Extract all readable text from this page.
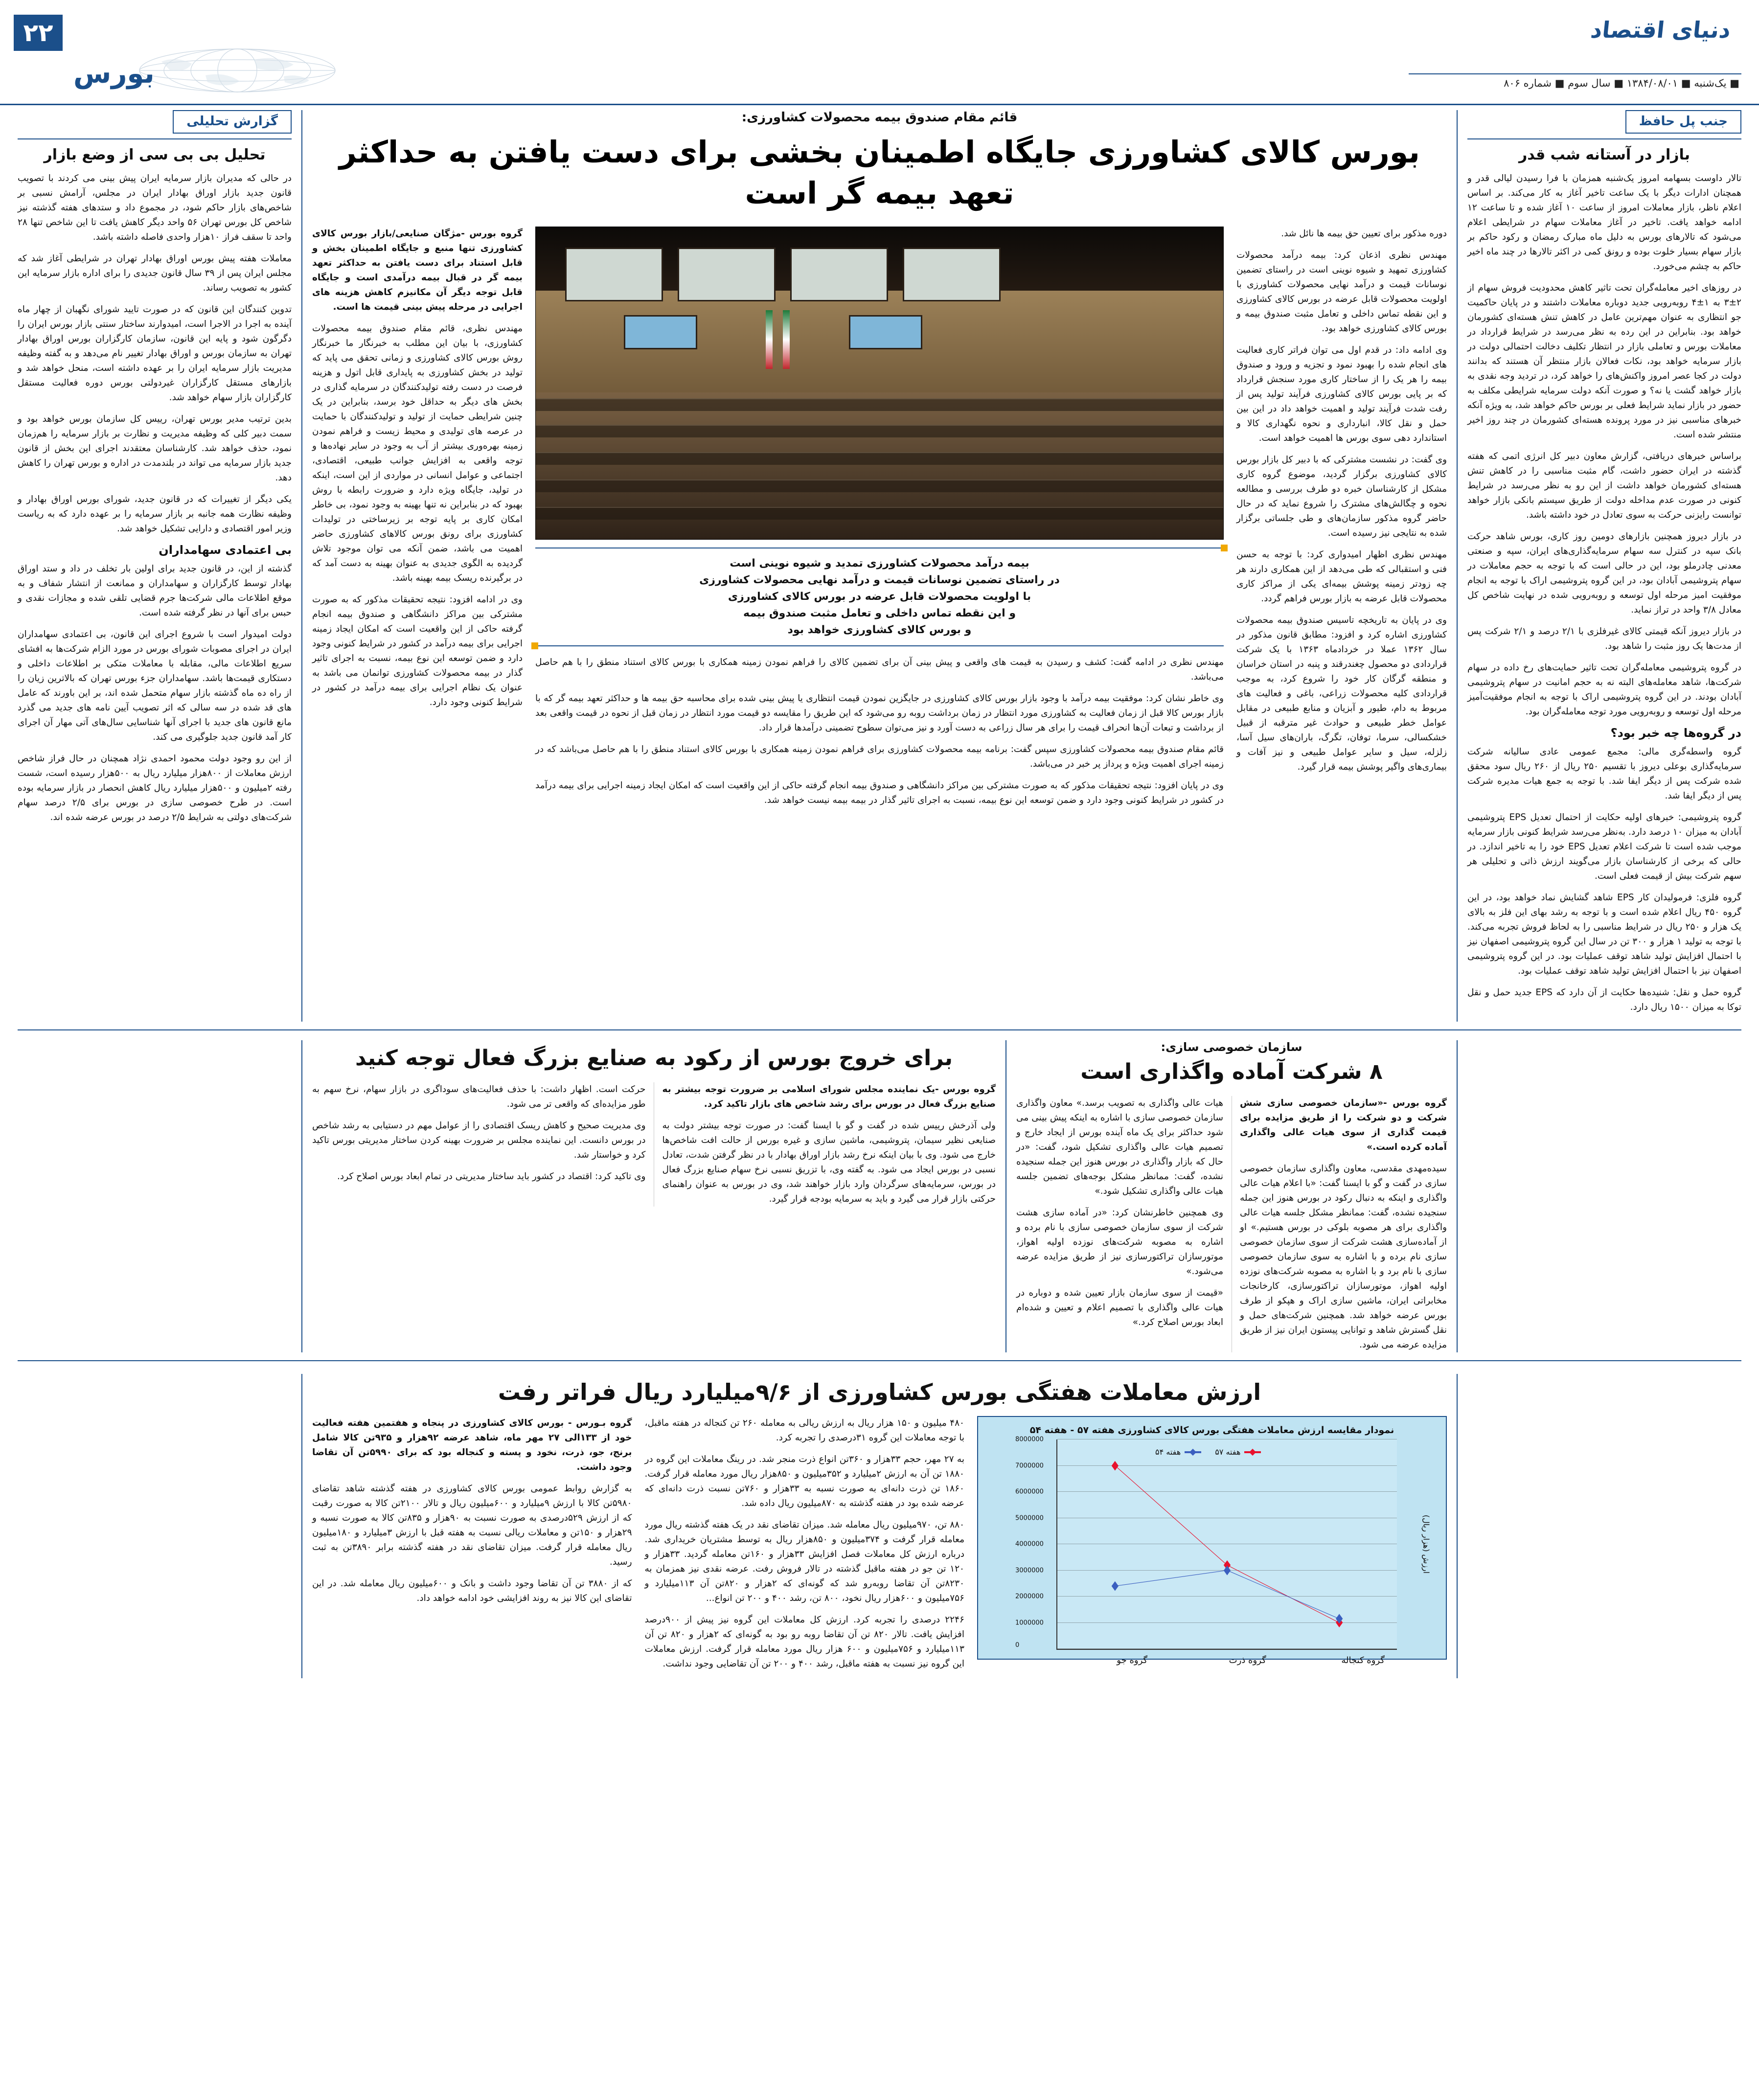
دنیای اقتصاد
■ یک‌شنبه ■ ۱۳۸۴/۰۸/۰۱ ■ سال سوم ■ شماره ۸۰۶
بورس
۲۲
جنب پل حافظ
بازار در آستانه شب قدر

تالار داوست بسهامه امروز یک‌شنبه همزمان با فرا رسیدن لیالی قدر و همچنان ادارات دیگر با یک ساعت تاخیر آغاز به کار می‌کند. بر اساس اعلام ناظر، بازار معاملات امروز از ساعت ۱۰ آغاز شده و تا ساعت ۱۲ ادامه خواهد یافت. تاخیر در آغاز معاملات سهام در شرایطی اعلام می‌شود که تالارهای بورس به دلیل ماه مبارک رمضان و رکود حاکم بر بازار سهام بسیار خلوت بوده و رونق کمی در اکثر تالارها در چند ماه اخیر حاکم به چشم می‌خورد.

در روزهای اخیر معامله‌گران تحت تاثیر کاهش محدودیت فروش سهام از ۲±۳ به ۱±۴ روبه‌رویی جدید دوباره معاملات داشتند و در پایان حاکمیت جو انتظاری به عنوان مهم‌ترین عامل در کاهش تنش هسته‌ای کشورمان خواهد بود. بنابراین در این رده به نظر می‌رسد در شرایط قرارداد در معاملات بورس و تعاملی بازار در انتظار تکلیف دخالت احتمالی دولت در بازار سرمایه خواهد بود، نکات فعالان بازار منتظر آن هستند که بدانند دولت در کجا عصر امروز واکنش‌های را خواهد کرد، در تردید وجه نقدی به بازار خواهد گشت یا نه؟ و صورت آنکه دولت سرمایه شرایطی مکلف به حضور در بازار نماید شرایط فعلی بر بورس حاکم خواهد شد، به ویژه آنکه خبرهای مناسبی نیز در مورد پرونده هسته‌ای کشورمان در چند روز اخیر منتشر شده است.

براساس خبرهای دریافتی، گزارش معاون دبیر کل انرژی اتمی که هفته گذشته در ایران حضور داشت، گام مثبت مناسبی را در کاهش تنش هسته‌ای کشورمان خواهد داشت از این رو به نظر می‌رسد در شرایط کنونی در صورت عدم مداخله دولت از طریق سیستم بانکی بازار خواهد توانست رایزنی حرکت به سوی تعادل در خود داشته باشد.

در بازار دیروز همچنین بازارهای دومین روز کاری، بورس شاهد حرکت بانک سپه در کنترل سه سهام سرمایه‌گذاری‌های ایران، سپه و صنعتی معدنی چادرملو بود، این در حالی است که با توجه به حجم معاملات در سهام پتروشیمی آبادان بود، در این گروه پتروشیمی اراک با توجه به انجام موفقیت امیز مرحله اول توسعه و روبه‌رویی شده در نهایت شاخص کل معادل ۳/۸ واحد در تراز نماید.

در بازار دیروز آنکه قیمتی کالای غیرفلزی با ۲/۱ درصد و ۲/۱ شرکت پس از مدت‌ها یک روز مثبت را شاهد بود.

در گروه پتروشیمی معامله‌گران تحت تاثیر حمایت‌های رخ داده در سهام شرکت‌ها، شاهد معامله‌های البته نه به حجم امانیت در سهام پتروشیمی آبادان بودند. در این گروه پتروشیمی اراک با توجه به انجام موفقیت‌آمیز مرحله اول توسعه و روبه‌رویی مورد توجه معامله‌گران بود.

در گروه‌ها چه خبر بود؟

گروه واسطه‌گری مالی: مجمع عمومی عادی سالیانه شرکت سرمایه‌گذاری بوعلی دیروز با تقسیم ۲۵۰ ریال از ۲۶۰ ریال سود محقق شده شرکت پس از دیگر ایفا شد. با توجه به جمع هیات مدیره شرکت پس از دیگر ایفا شد.

گروه پتروشیمی: خبرهای اولیه حکایت از احتمال تعدیل EPS پتروشیمی آبادان به میزان ۱۰ درصد دارد. به‌نظر می‌رسد شرایط کنونی بازار سرمایه موجب شده است تا شرکت اعلام تعدیل EPS خود را به تاخیر اندازد. در حالی که برخی از کارشناسان بازار می‌گویند ارزش ذاتی و تحلیلی هر سهم شرکت بیش از قیمت فعلی است.

گروه فلزی: فرمولیدان کار EPS شاهد گشایش نماد خواهد بود، در این گروه ۴۵۰ ریال اعلام شده است و با توجه به رشد بهای این فلز به بالای یک هزار و ۲۵۰ ریال در شرایط مناسبی را به لحاظ فروش تجربه می‌کند. با توجه به تولید ۱ هزار و ۳۰۰ تن در سال این گروه پتروشیمی اصفهان نیز با احتمال افزایش تولید شاهد توقف عملیات بود. در این گروه پتروشیمی اصفهان نیز با احتمال افزایش تولید شاهد توقف عملیات بود.

گروه حمل و نقل: شنیده‌ها حکایت از آن دارد که EPS جدید حمل و نقل توکا به میزان ۱۵۰۰ ریال دارد.

قائم مقام صندوق بیمه محصولات کشاورزی:
بورس کالای کشاورزی جایگاه اطمینان بخشی برای دست یافتن به حداکثر تعهد بیمه گر است

دوره مذکور برای تعیین حق بیمه ها نائل شد.

مهندس نظری اذعان کرد: بیمه درآمد محصولات کشاورزی تمهید و شیوه نوینی است در راستای تضمین نوسانات قیمت و درآمد نهایی محصولات کشاورزی با اولویت محصولات قابل عرضه در بورس کالای کشاورزی و این نقطه تماس داخلی و تعامل مثبت صندوق بیمه و بورس کالای کشاورزی خواهد بود.

وی ادامه داد: در قدم اول می توان فراتر کاری فعالیت های انجام شده را بهبود نمود و تجزیه و ورود و صندوق بیمه را هر یک را از ساختار کاری مورد سنجش قرارداد که بر پایی بورس کالای کشاورزی فرآیند تولید پس از رفت شدت فرآیند تولید و اهمیت خواهد داد در این بین حمل و نقل کالا، انبارداری و نحوه نگهداری کالا و استاندارد دهی سوی بورس ها اهمیت خواهد است.

وی گفت: در نشست مشترکی که با دبیر کل بازار بورس کالای کشاورزی برگزار گردید، موضوع گروه کاری مشکل از کارشناسان خبره دو طرف بررسی و مطالعه نحوه و چگالش‌های مشترک را شروع نماید که در حال حاضر گروه مذکور سازمان‌های و طی جلساتی برگزار شده به نتایجی نیز رسیده است.

مهندس نظری اظهار امیدواری کرد: با توجه به حسن فنی و استقبالی که طی می‌دهد از این همکاری دارند هر چه زودتر زمینه پوشش بیمه‌ای یکی از مراکز کاری محصولات قابل عرضه به بازار بورس فراهم گردد.

وی در پایان به تاریخچه تاسیس صندوق بیمه محصولات کشاورزی اشاره کرد و افزود: مطابق قانون مذکور در سال ۱۳۶۲ عملا در خردادماه ۱۳۶۳ با یک شرکت قراردادی دو محصول چغندرقند و پنبه در استان خراسان و منطقه گرگان کار خود را شروع کرد، به موجب قراردادی کلیه محصولات زراعی، باغی و فعالیت های مربوط به دام، طیور و آبزیان و منابع طبیعی در مقابل عوامل خطر طبیعی و حوادث غیر مترقبه از قبیل خشکسالی، سرما، توفان، تگرگ، باران‌های سیل آسا، زلزله، سیل و سایر عوامل طبیعی و نیز آفات و بیماری‌های واگیر پوشش بیمه قرار گیرد.

بیمه درآمد محصولات کشاورزی تمدید و شیوه نوینی است
در راستای تضمین نوسانات قیمت و درآمد نهایی محصولات کشاورزی
با اولویت محصولات قابل عرضه در بورس کالای کشاورزی
و این نقطه تماس داخلی و تعامل مثبت صندوق بیمه
و بورس کالای کشاورزی خواهد بود

مهندس نظری در ادامه گفت: کشف و رسیدن به قیمت های واقعی و پیش بینی آن برای تضمین کالای را فراهم نمودن زمینه همکاری با بورس کالای استناد منطق را با هم حاصل می‌باشد.

وی خاطر نشان کرد: موفقیت بیمه درآمد با وجود بازار بورس کالای کشاورزی در جایگزین نمودن قیمت انتظاری یا پیش بینی شده برای محاسبه حق بیمه ها و حداکثر تعهد بیمه گر که با بازار بورس کالا قبل از زمان فعالیت به کشاورزی مورد انتظار در زمان برداشت روبه رو می‌شود که این طریق را مقایسه دو قیمت مورد انتظار در زمان قبل از نحوه در قیمت واقعی بعد از برداشت و تبعات آن‌ها انحراف قیمت را برای هر سال زراعی به دست آورد و نیز می‌توان سطوح تضمینی درآمدها قرار داد.

قائم مقام صندوق بیمه محصولات کشاورزی سپس گفت: برنامه بیمه محصولات کشاورزی برای فراهم نمودن زمینه همکاری با بورس کالای استناد منطق را با هم حاصل می‌باشد که در زمینه اجرای اهمیت ویژه و پرداز پر خبر در می‌باشد.

وی در پایان افزود: نتیجه تحقیقات مذکور که به صورت مشترکی بین مراکز دانشگاهی و صندوق بیمه انجام گرفته حاکی از این واقعیت است که امکان ایجاد زمینه اجرایی برای بیمه درآمد در کشور در شرایط کنونی وجود دارد و ضمن توسعه این نوع بیمه، نسبت به اجرای تاثیر گذار در بیمه بیمه نیست خواهد شد.

گروه بورس -مژگان صنایعی/بازار بورس کالای کشاورزی تنها منبع و جایگاه اطمینان بخش و قابل استناد برای دست یافتن به حداکثر تعهد بیمه گر در قبال بیمه درآمدی است و جایگاه قابل توجه دیگر آن مکانیزم کاهش هزینه های اجرایی در مرحله پیش بینی قیمت ها است.

مهندس نظری، قائم مقام صندوق بیمه محصولات کشاورزی، با بیان این مطلب به خبرنگار ما خبرنگار روش بورس کالای کشاورزی و زمانی تحقق می پاید که تولید در بخش کشاورزی به پایداری قابل اتول و هزینه فرصت در دست رفته تولیدکنندگان در سرمایه گذاری در بخش های دیگر به حداقل خود برسد، بنابراین در یک چنین شرایطی حمایت از تولید و تولیدکنندگان با حمایت در عرصه های تولیدی و محیط زیست و فراهم نمودن زمینه بهره‌وری بیشتر از آب به وجود در سایر نهاده‌ها و توجه واقعی به افزایش جوانب طبیعی، اقتصادی، اجتماعی و عوامل انسانی در مواردی از این است، اینکه در تولید، جایگاه ویژه دارد و ضرورت رابطه با روش بهبود که در بنابراین نه تنها بهینه به وجود نمود، بی خاطر امکان کاری بر پایه توجه بر زیرساختی در تولیدات کشاورزی برای رونق بورس کالاهای کشاورزی حاضر اهمیت می باشد، ضمن آنکه می توان موجود تلاش گردیده به الگوی جدیدی به عنوان بهینه به دست آمد که در برگیرنده ریسک بیمه بهینه باشد.

وی در ادامه افزود: نتیجه تحقیقات مذکور که به صورت مشترکی بین مراکز دانشگاهی و صندوق بیمه انجام گرفته حاکی از این واقعیت است که امکان ایجاد زمینه اجرایی برای بیمه درآمد در کشور در شرایط کنونی وجود دارد و ضمن توسعه این نوع بیمه، نسبت به اجرای تاثیر گذار در بیمه محصولات کشاورزی توانمان می باشد به عنوان یک نظام اجرایی برای بیمه درآمد در کشور در شرایط کنونی وجود دارد.

گزارش تحلیلی
تحلیل بی بی سی از وضع بازار

در حالی که مدیران بازار سرمایه ایران پیش بینی می کردند با تصویب قانون جدید بازار اوراق بهادار ایران در مجلس، آرامش نسبی بر شاخص‌های بازار حاکم شود، در مجموع داد و ستدهای هفته گذشته نیز شاخص کل بورس تهران ۵۶ واحد دیگر کاهش یافت تا این شاخص تنها ۲۸ واحد تا سقف فراز ۱۰هزار واحدی فاصله داشته باشد.

معاملات هفته پیش بورس اوراق بهادار تهران در شرایطی آغاز شد که مجلس ایران پس از ۳۹ سال قانون جدیدی را برای اداره بازار سرمایه این کشور به تصویب رساند.

تدوین کنندگان این قانون که در صورت تایید شورای نگهبان از چهار ماه آینده به اجرا در الاجرا است، امیدوارند ساختار سنتی بازار بورس ایران را دگرگون شود و پایه این قانون، سازمان کارگزاران بورس اوراق بهادار تهران به سازمان بورس و اوراق بهادار تغییر نام می‌دهد و به گفته وظیفه مدیریت بازار سرمایه ایران را بر عهده داشته است، منحل خواهد شد و بازارهای مستقل کارگزاران غیردولتی بورس دوره فعالیت مستقل کارگزاران بازار سهام خواهد شد.

بدین ترتیب مدیر بورس تهران، رییس کل سازمان بورس خواهد بود و سمت دبیر کلی که وظیفه مدیریت و نظارت بر بازار سرمایه را هم‌زمان نمود، حذف خواهد شد. کارشناسان معتقدند اجرای این بخش از قانون جدید بازار سرمایه می تواند در بلندمدت در اداره و بورس تهران را کاهش دهد.

یکی دیگر از تغییرات که در قانون جدید، شورای بورس اوراق بهادار و وظیفه نظارت همه جانبه بر بازار سرمایه را بر عهده دارد که به ریاست وزیر امور اقتصادی و دارایی تشکیل خواهد شد.

بی اعتمادی سهامداران

گذشته از این، در قانون جدید برای اولین بار تخلف در داد و ستد اوراق بهادار توسط کارگزاران و سهامداران و ممانعت از انتشار شفاف و به موقع اطلاعات مالی شرکت‌ها جرم قضایی تلقی شده و مجازات نقدی و حبس برای آنها در نظر گرفته شده است.

دولت امیدوار است با شروع اجرای این قانون، بی اعتمادی سهامداران ایران در اجرای مصوبات شورای بورس در مورد الزام شرکت‌ها به افشای سریع اطلاعات مالی، مقابله با معاملات متکی بر اطلاعات داخلی و دستکاری قیمت‌ها باشد. سهامداران جزء بورس تهران که بالاترین زیان را از راه ده ماه گذشته بازار سهام متحمل شده اند، بر این باورند که عامل های قد شده در سه سالی که اثر تصویب آیین نامه های جدید می گذرد مانع قانون های جدید با اجرای آنها شناسایی سال‌های آتی مهار آن اجرای کار آمد قانون جدید جلوگیری می کند.

از این رو وجود دولت محمود احمدی نژاد همچنان در حال فراز شاخص ارزش معاملات از ۸۰۰هزار میلیارد ریال به ۵۰۰هزار رسیده است، شست رفته ۲میلیون و ۵۰۰هزار میلیارد ریال کاهش انحصار در بازار سرمایه بوده است. در طرح خصوصی سازی در بورس برای ۲/۵ درصد سهام شرکت‌های دولتی به شرایط ۲/۵ درصد در بورس عرضه شده اند.

سازمان خصوصی سازی:
۸ شرکت آماده واگذاری است

گروه بورس -«سازمان خصوصی سازی شش شرکت و دو شرکت را از طریق مزایده برای قیمت گذاری از سوی هیات عالی واگذاری آماده کرده است.»

سیده‌مهدی مقدسی، معاون واگذاری سازمان خصوصی سازی در گفت و گو با ایسنا گفت: «با اعلام هیات عالی واگذاری و اینکه به دنبال رکود در بورس هنوز این جمله سنجیده نشده، گفت: ممانظر مشکل جلسه هیات عالی واگذاری برای هر مصوبه بلوکی در بورس هستیم.» او از آماده‌سازی هشت شرکت از سوی سازمان خصوصی سازی نام برده و با اشاره به سوی سازمان خصوصی سازی با نام برد و با اشاره به مصوبه شرکت‌های نوزده اولیه اهواز، موتورسازان تراکتورسازی، کارخانجات مخابراتی ایران، ماشین سازی اراک و هپکو از طرف بورس عرضه خواهد شد. همچنین شرکت‌های حمل و نقل گسترش شاهد و توانایی پیستون ایران نیز از طریق مزایده عرضه می شود.

هیات عالی واگذاری به تصویب برسد.» معاون واگذاری سازمان خصوصی سازی با اشاره به اینکه پیش بینی می شود حداکثر برای یک ماه آینده بورس از ایجاد خارج و تصمیم هیات عالی واگذاری تشکیل شود، گفت: «در حال که بازار واگذاری در بورس هنوز این جمله سنجیده نشده، گفت: ممانظر مشکل بوجه‌های تضمین جلسه هیات عالی واگذاری تشکیل شود.»

وی همچنین خاطرنشان کرد: «در آماده سازی هشت شرکت از سوی سازمان خصوصی سازی با نام برده و اشاره به مصوبه شرکت‌های نوزده اولیه اهواز، موتورسازان تراکتورسازی نیز از طریق مزایده عرضه می‌شود.»

«قیمت از سوی سازمان بازار تعیین شده و دوباره در هیات عالی واگذاری با تصمیم اعلام و تعیین و شده‌ام ابعاد بورس اصلاح کرد.»

برای خروج بورس از رکود به صنایع بزرگ فعال توجه کنید

گروه بورس -یک نماینده مجلس شورای اسلامی بر ضرورت توجه بیشتر به صنایع بزرگ فعال در بورس برای رشد شاخص های بازار تاکید کرد.

ولی آذرخش رییس شده در گفت و گو با ایسنا گفت: در صورت توجه بیشتر دولت به صنایعی نظیر سیمان، پتروشیمی، ماشین سازی و غیره بورس از حالت افت شاخص‌ها خارج می شود. وی با بیان اینکه نرخ رشد بازار اوراق بهادار با در نظر گرفتن شدت، تعادل نسبی در بورس ایجاد می شود. به گفته وی، با تزریق نسبی نرخ سهام صنایع بزرگ فعال در بورس، سرمایه‌های سرگردان وارد بازار خواهند شد، وی در بورس به عنوان راهنمای حرکتی بازار قرار می گیرد و باید به سرمایه بودجه قرار گیرد.

حرکت است. اظهار داشت: با حذف فعالیت‌های سوداگری در بازار سهام، نرخ سهم به طور مزایده‌ای که واقعی تر می شود.

وی مدیریت صحیح و کاهش ریسک اقتصادی را از عوامل مهم در دستیابی به رشد شاخص در بورس دانست. این نماینده مجلس بر ضرورت بهینه کردن ساختار مدیریتی بورس تاکید کرد و خواستار شد.

وی تاکید کرد: اقتصاد در کشور باید ساختار مدیریتی در تمام ابعاد بورس اصلاح کرد.

ارزش معاملات هفتگی بورس کشاورزی از ۹/۶میلیارد ریال فراتر رفت
نمودار مقایسه ارزش معاملات هفتگی بورس کالای کشاورزی هفته ۵۷ - هفته ۵۴
0
1000000
2000000
3000000
4000000
5000000
6000000
7000000
8000000
هفته ۵۷
هفته ۵۴
گروه کنجاله
گروه ذرت
گروه جو
ارزش (هزار ریال)

۴۸۰ میلیون و ۱۵۰ هزار ریال به ارزش ریالی به معامله ۲۶۰ تن کنجاله در هفته ماقبل، با توجه معاملات این گروه ۳۱درصدی را تجربه کرد.

به ۲۷ مهر، حجم ۳۳هزار و ۳۶۰تن انواع ذرت منجر شد. در رینگ معاملات این گروه در ۱۸۸۰ تن آن به ارزش ۲میلیارد و ۳۵۲میلیون و ۸۵۰هزار ریال مورد معامله قرار گرفت. ۱۸۶۰ تن ذرت دانه‌ای به صورت نسبه به ۳۳هزار و ۷۶۰تن نسبت ذرت دانه‌ای که عرضه شده بود در هفته گذشته به ۸۷۰میلیون ریال داده شد.

۸۸۰ تن، ۹۷۰میلیون ریال معامله شد. میزان تقاضای نقد در یک هفته گذشته ریال مورد معامله قرار گرفت و ۳۷۴میلیون و ۸۵۰هزار ریال به توسط مشتریان خریداری شد. درباره ارزش کل معاملات فصل افزایش ۳۳هزار و ۱۶۰تن معامله گردید. ۳۳هزار و ۱۲۰ تن جو در هفته ماقبل گذشته در تالار فروش رفت. عرضه نقدی نیز همزمان به ۸۲۳۰تن آن تقاضا روبه‌رو شد که گونه‌ای که ۲هزار و ۸۲۰تن آن ۱۱۳میلیارد و ۷۵۶میلیون و ۶۰۰هزار ریال نخود، ۸۰۰ تن، رشد ۴۰۰ و ۲۰۰ تن انواع...

۲۲۴۶ درصدی را تجربه کرد. ارزش کل معاملات این گروه نیز پیش از ۹۰۰درصد افزایش یافت. تالار ۸۲۰ تن آن تقاضا روبه رو بود به گونه‌ای که ۲هزار و ۸۲۰ تن آن ۱۱۳میلیارد و ۷۵۶میلیون و ۶۰۰ هزار ریال مورد معامله قرار گرفت. ارزش معاملات این گروه نیز نسبت به هفته ماقبل، رشد ۴۰۰ و ۲۰۰ تن آن تقاضایی وجود نداشت.

گروه بـورس - بورس کالای کشاورزی در پنجاه و هفتمین هفته فعالیت خود از ۱۳۳الی ۲۷ مهر ماه، شاهد عرضه ۹۲هزار و ۹۳۵تن کالا شامل برنج، جو، ذرت، نخود و پسته و کنجاله بود که برای ۵۹۹۰تن آن تقاضا وجود داشت.

به گزارش روابط عمومی بورس کالای کشاورزی در هفته گذشته شاهد تقاضای ۵۹۸۰تن کالا با ارزش ۹میلیارد و ۶۰۰میلیون ریال و تالار ۲۱۰۰تن کالا به صورت رقبت که از ارزش ۵۲۹درصدی به صورت نسبت به ۹۰هزار و ۸۳۵تن کالا به صورت نسبه و ۲۹هزار و ۱۵۰تن و معاملات ریالی نسبت به هفته قبل با ارزش ۳میلیارد و ۱۸۰میلیون ریال معامله قرار گرفت. میزان تقاضای نقد در هفته گذشته برابر ۳۸۹۰تن به ثبت رسید.

که از ۳۸۸۰ تن آن تقاضا وجود داشت و بانک و ۶۰۰میلیون ریال معامله شد. در این تقاضای این کالا نیز به روند افزایشی خود ادامه خواهد داد.
